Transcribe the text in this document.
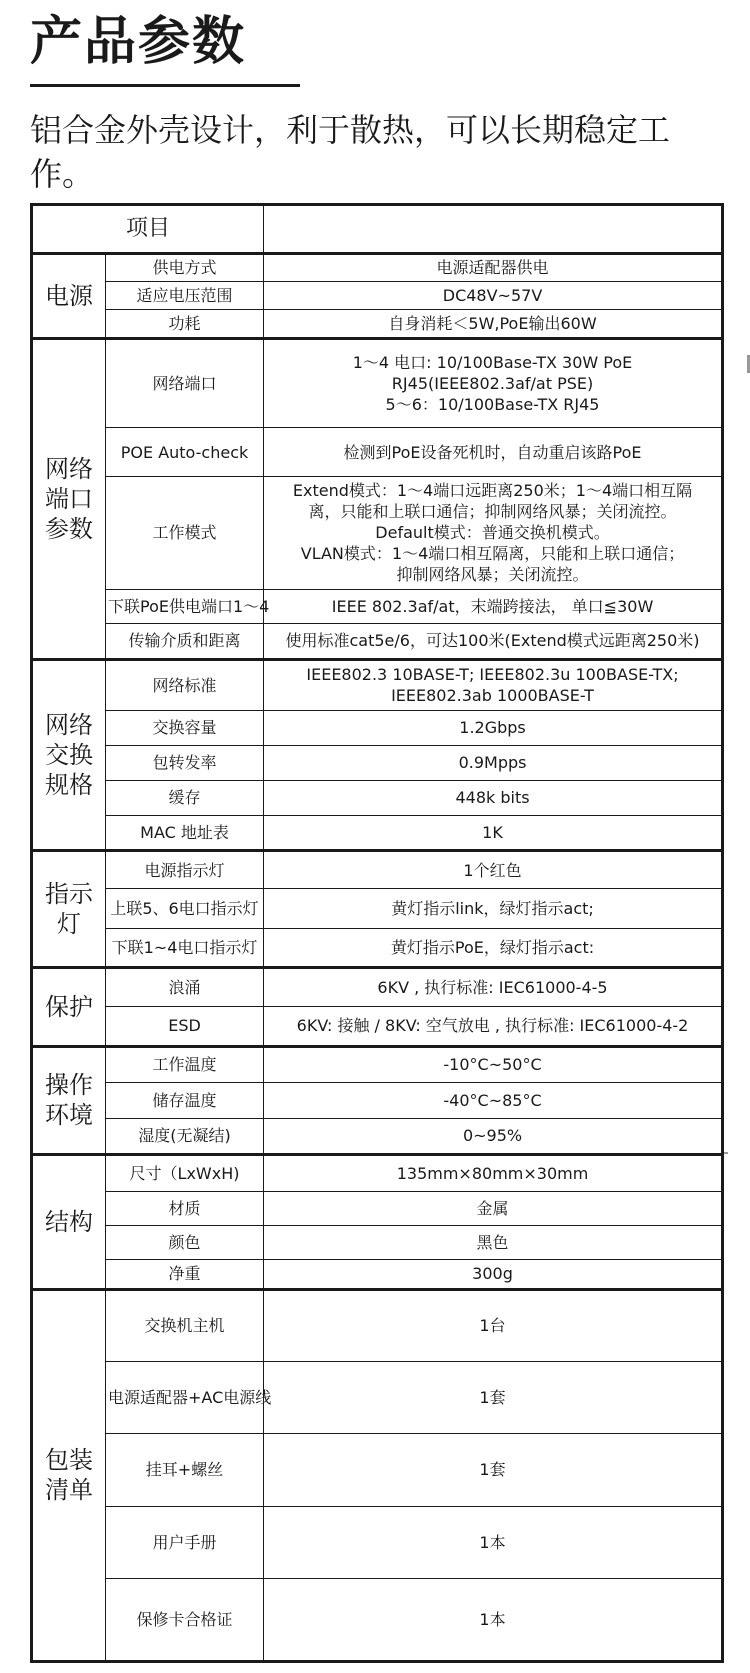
产品参数

铝合金外壳设计，利于散热，可以长期稳定工作。

项目		
电源	供电方式	电源适配器供电

	适应电压范围	DC48V~57V

	功耗	自身消耗＜5W,PoE输出60W

网络端口参数	网络端口	1～4 电口: 10/100Base-TX 30W PoE
RJ45(IEEE802.3af/at PSE)
5～6：10/100Base-TX RJ45

	POE Auto-check	检测到PoE设备死机时，自动重启该路PoE

	工作模式	Extend模式：1～4端口远距离250米；1～4端口相互隔
离，只能和上联口通信；抑制网络风暴；关闭流控。
Default模式：普通交换机模式。
VLAN模式：1～4端口相互隔离，只能和上联口通信；
抑制网络风暴；关闭流控。

	下联PoE供电端口1～4	IEEE 802.3af/at，末端跨接法， 单口≦30W

	传输介质和距离	使用标准cat5e/6，可达100米(Extend模式远距离250米)

网络交换规格	网络标准	IEEE802.3 10BASE-T; IEEE802.3u 100BASE-TX;
IEEE802.3ab 1000BASE-T

	交换容量	1.2Gbps

	包转发率	0.9Mpps

	缓存	448k bits

	MAC 地址表	1K

指示灯	电源指示灯	1个红色

	上联5、6电口指示灯	黄灯指示link，绿灯指示act;

	下联1~4电口指示灯	黄灯指示PoE，绿灯指示act:

保护	浪涌	6KV , 执行标准: IEC61000-4-5

	ESD	6KV: 接触 / 8KV: 空气放电 , 执行标准: IEC61000-4-2

操作环境	工作温度	-10°C~50°C

	储存温度	-40°C~85°C

	湿度(无凝结)	0~95%

结构	尺寸（LxWxH)	135mm×80mm×30mm

	材质	金属

	颜色	黑色

	净重	300g

包装清单	交换机主机	1台

	电源适配器+AC电源线	1套

	挂耳+螺丝	1套

	用户手册	1本

	保修卡合格证	1本
